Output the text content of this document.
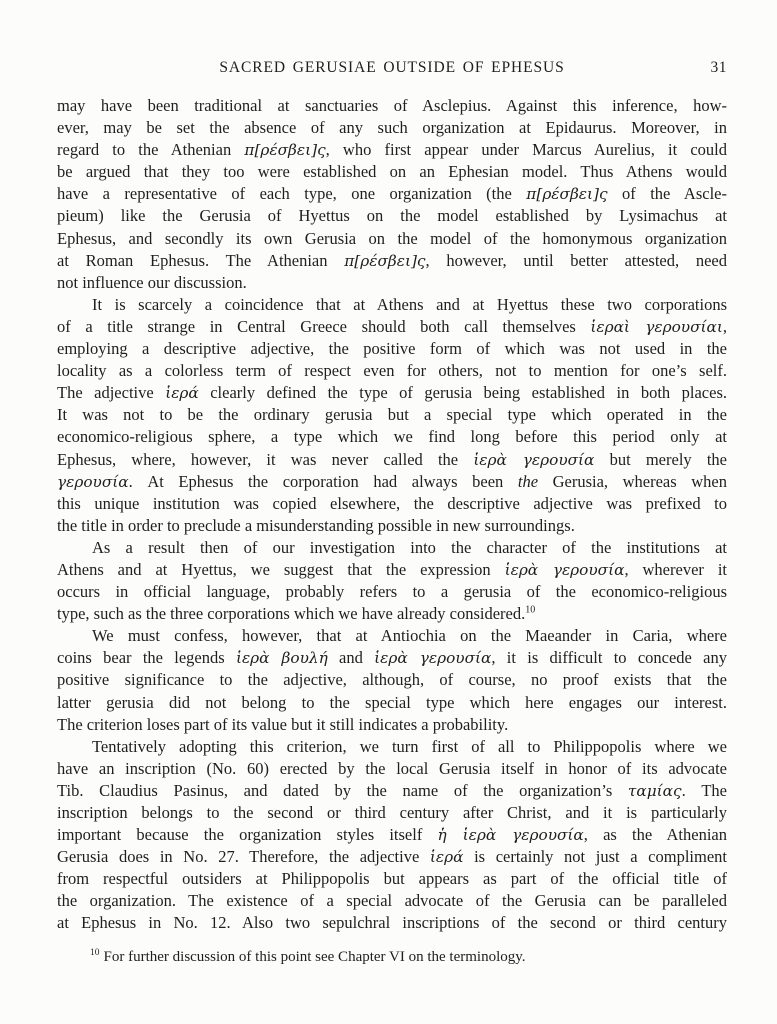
SACRED GERUSIAE OUTSIDE OF EPHESUS	31
may have been traditional at sanctuaries of Asclepius. Against this inference, how-
ever, may be set the absence of any such organization at Epidaurus. Moreover, in
regard to the Athenian π[ρέσβει]ς, who first appear under Marcus Aurelius, it could
be argued that they too were established on an Ephesian model. Thus Athens would
have a representative of each type, one organization (the π[ρέσβει]ς of the Ascle-
pieum) like the Gerusia of Hyettus on the model established by Lysimachus at
Ephesus, and secondly its own Gerusia on the model of the homonymous organization
at Roman Ephesus. The Athenian π[ρέσβει]ς, however, until better attested, need
not influence our discussion.
It is scarcely a coincidence that at Athens and at Hyettus these two corporations
of a title strange in Central Greece should both call themselves ἱεραὶ γερουσίαι,
employing a descriptive adjective, the positive form of which was not used in the
locality as a colorless term of respect even for others, not to mention for one’s self.
The adjective ἱερά clearly defined the type of gerusia being established in both places.
It was not to be the ordinary gerusia but a special type which operated in the
economico-religious sphere, a type which we find long before this period only at
Ephesus, where, however, it was never called the ἱερὰ γερουσία but merely the
γερουσία. At Ephesus the corporation had always been the Gerusia, whereas when
this unique institution was copied elsewhere, the descriptive adjective was prefixed to
the title in order to preclude a misunderstanding possible in new surroundings.
As a result then of our investigation into the character of the institutions at
Athens and at Hyettus, we suggest that the expression ἱερὰ γερουσία, wherever it
occurs in official language, probably refers to a gerusia of the economico-religious
type, such as the three corporations which we have already considered.$^{10}$
We must confess, however, that at Antiochia on the Maeander in Caria, where
coins bear the legends ἱερὰ βουλή and ἱερὰ γερουσία, it is difficult to concede any
positive significance to the adjective, although, of course, no proof exists that the
latter gerusia did not belong to the special type which here engages our interest.
The criterion loses part of its value but it still indicates a probability.
Tentatively adopting this criterion, we turn first of all to Philippopolis where we
have an inscription (No. 60) erected by the local Gerusia itself in honor of its advocate
Tib. Claudius Pasinus, and dated by the name of the organization’s ταμίας. The
inscription belongs to the second or third century after Christ, and it is particularly
important because the organization styles itself ἡ ἱερὰ γερουσία, as the Athenian
Gerusia does in No. 27. Therefore, the adjective ἱερά is certainly not just a compliment
from respectful outsiders at Philippopolis but appears as part of the official title of
the organization. The existence of a special advocate of the Gerusia can be paralleled
at Ephesus in No. 12. Also two sepulchral inscriptions of the second or third century
$^{10}$ For further discussion of this point see Chapter VI on the terminology.
